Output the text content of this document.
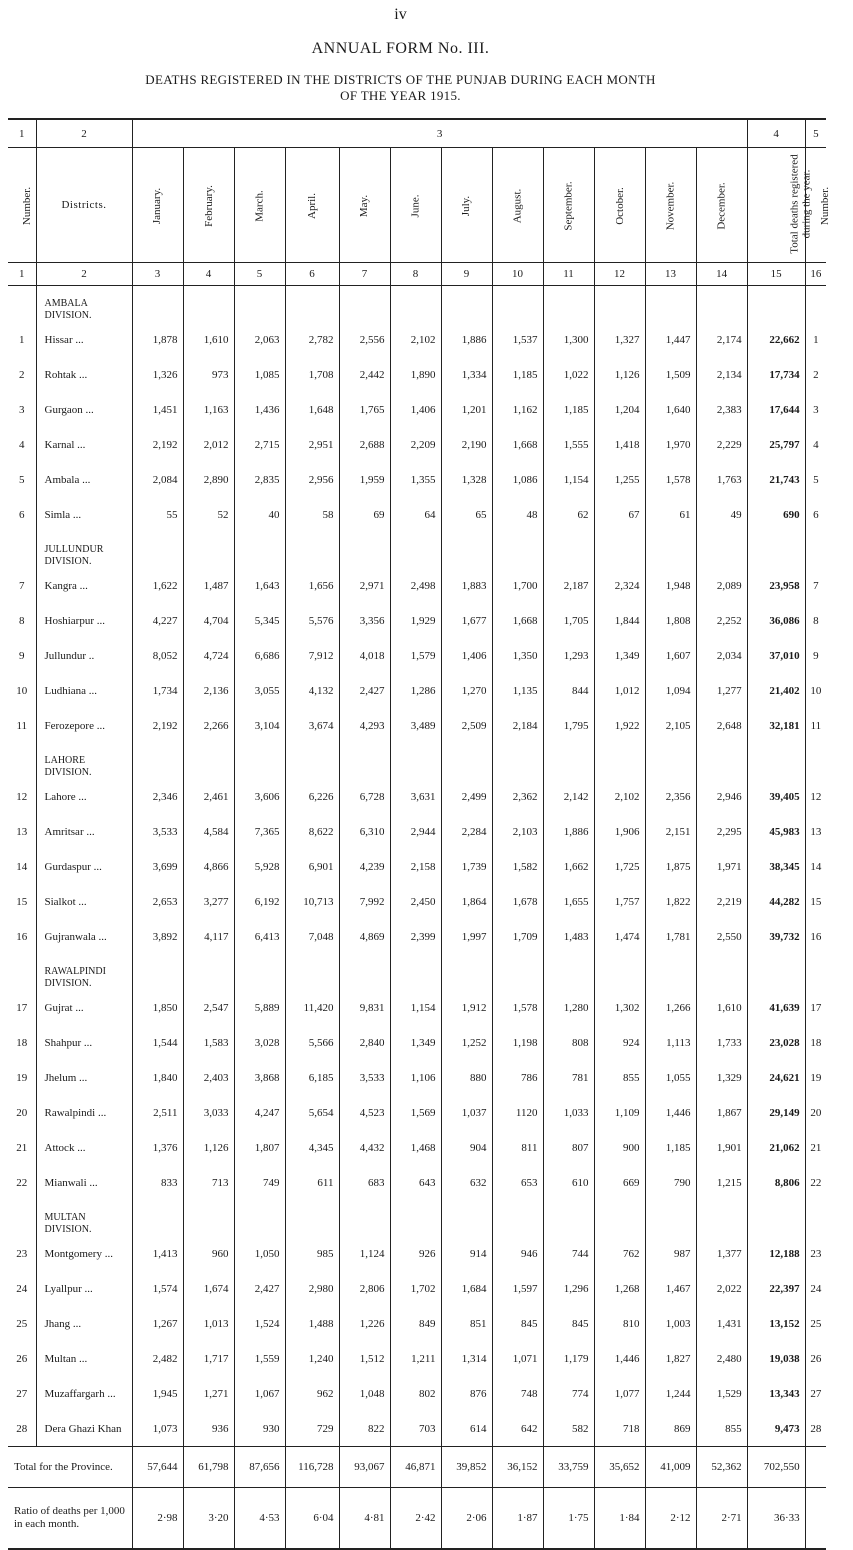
iv
ANNUAL FORM No. III.
DEATHS REGISTERED IN THE DISTRICTS OF THE PUNJAB DURING EACH MONTH
OF THE YEAR 1915.
1	2	3												4	5
Number.	Districts.	January.	February.	March.	April.	May.	June.	July.	August.	September.	October.	November.	December.	Total deaths registered during the year.	Number.
1	2	3	4	5	6	7	8	9	10	11	12	13	14	15	16
	AMBALA DIVISION.														
1	Hissar ...	1,878	1,610	2,063	2,782	2,556	2,102	1,886	1,537	1,300	1,327	1,447	2,174	22,662	1
2	Rohtak ...	1,326	973	1,085	1,708	2,442	1,890	1,334	1,185	1,022	1,126	1,509	2,134	17,734	2
3	Gurgaon ...	1,451	1,163	1,436	1,648	1,765	1,406	1,201	1,162	1,185	1,204	1,640	2,383	17,644	3
4	Karnal ...	2,192	2,012	2,715	2,951	2,688	2,209	2,190	1,668	1,555	1,418	1,970	2,229	25,797	4
5	Ambala ...	2,084	2,890	2,835	2,956	1,959	1,355	1,328	1,086	1,154	1,255	1,578	1,763	21,743	5
6	Simla ...	55	52	40	58	69	64	65	48	62	67	61	49	690	6
	JULLUNDUR DIVISION.														
7	Kangra ...	1,622	1,487	1,643	1,656	2,971	2,498	1,883	1,700	2,187	2,324	1,948	2,089	23,958	7
8	Hoshiarpur ...	4,227	4,704	5,345	5,576	3,356	1,929	1,677	1,668	1,705	1,844	1,808	2,252	36,086	8
9	Jullundur ..	8,052	4,724	6,686	7,912	4,018	1,579	1,406	1,350	1,293	1,349	1,607	2,034	37,010	9
10	Ludhiana ...	1,734	2,136	3,055	4,132	2,427	1,286	1,270	1,135	844	1,012	1,094	1,277	21,402	10
11	Ferozepore ...	2,192	2,266	3,104	3,674	4,293	3,489	2,509	2,184	1,795	1,922	2,105	2,648	32,181	11
	LAHORE DIVISION.														
12	Lahore ...	2,346	2,461	3,606	6,226	6,728	3,631	2,499	2,362	2,142	2,102	2,356	2,946	39,405	12
13	Amritsar ...	3,533	4,584	7,365	8,622	6,310	2,944	2,284	2,103	1,886	1,906	2,151	2,295	45,983	13
14	Gurdaspur ...	3,699	4,866	5,928	6,901	4,239	2,158	1,739	1,582	1,662	1,725	1,875	1,971	38,345	14
15	Sialkot ...	2,653	3,277	6,192	10,713	7,992	2,450	1,864	1,678	1,655	1,757	1,822	2,219	44,282	15
16	Gujranwala ...	3,892	4,117	6,413	7,048	4,869	2,399	1,997	1,709	1,483	1,474	1,781	2,550	39,732	16
	RAWALPINDI DIVISION.														
17	Gujrat ...	1,850	2,547	5,889	11,420	9,831	1,154	1,912	1,578	1,280	1,302	1,266	1,610	41,639	17
18	Shahpur ...	1,544	1,583	3,028	5,566	2,840	1,349	1,252	1,198	808	924	1,113	1,733	23,028	18
19	Jhelum ...	1,840	2,403	3,868	6,185	3,533	1,106	880	786	781	855	1,055	1,329	24,621	19
20	Rawalpindi ...	2,511	3,033	4,247	5,654	4,523	1,569	1,037	1120	1,033	1,109	1,446	1,867	29,149	20
21	Attock ...	1,376	1,126	1,807	4,345	4,432	1,468	904	811	807	900	1,185	1,901	21,062	21
22	Mianwali ...	833	713	749	611	683	643	632	653	610	669	790	1,215	8,806	22
	MULTAN DIVISION.														
23	Montgomery ...	1,413	960	1,050	985	1,124	926	914	946	744	762	987	1,377	12,188	23
24	Lyallpur ...	1,574	1,674	2,427	2,980	2,806	1,702	1,684	1,597	1,296	1,268	1,467	2,022	22,397	24
25	Jhang ...	1,267	1,013	1,524	1,488	1,226	849	851	845	845	810	1,003	1,431	13,152	25
26	Multan ...	2,482	1,717	1,559	1,240	1,512	1,211	1,314	1,071	1,179	1,446	1,827	2,480	19,038	26
27	Muzaffargarh ...	1,945	1,271	1,067	962	1,048	802	876	748	774	1,077	1,244	1,529	13,343	27
28	Dera Ghazi Khan	1,073	936	930	729	822	703	614	642	582	718	869	855	9,473	28
Total for the Province.		57,644	61,798	87,656	116,728	93,067	46,871	39,852	36,152	33,759	35,652	41,009	52,362	702,550	
Ratio of deaths per 1,000 in each month.		2·98	3·20	4·53	6·04	4·81	2·42	2·06	1·87	1·75	1·84	2·12	2·71	36·33	
